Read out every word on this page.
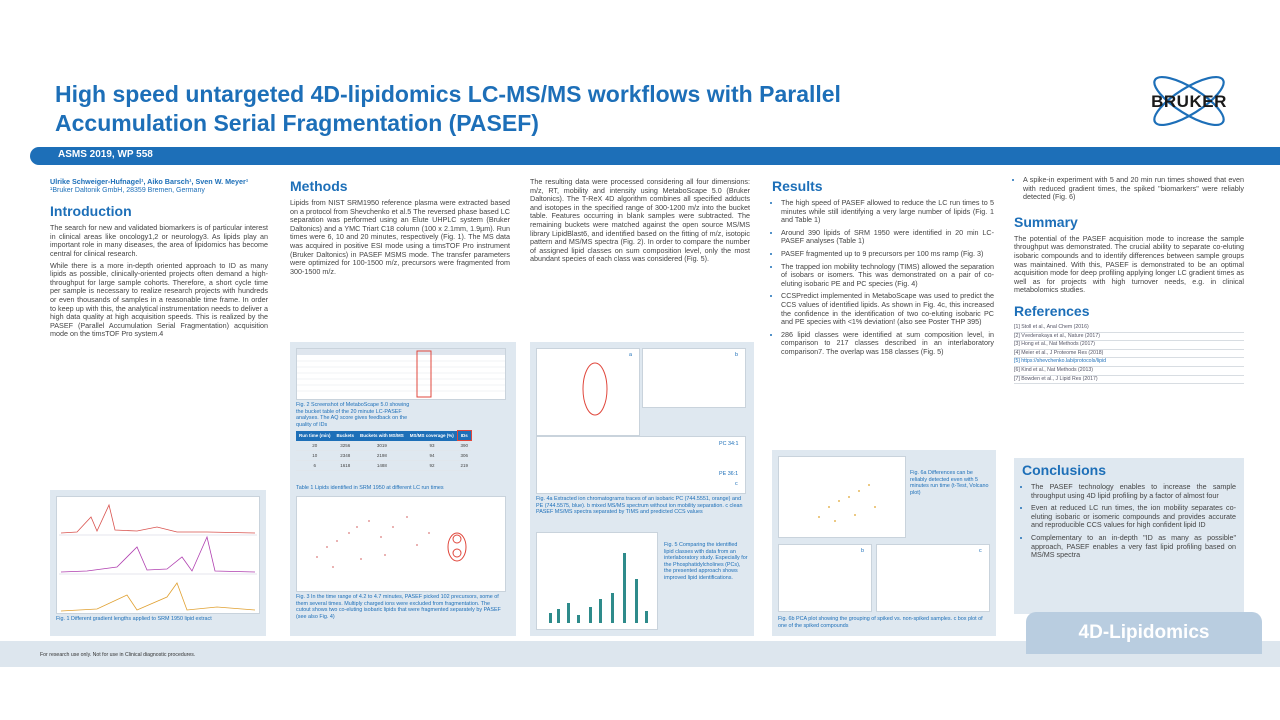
High speed untargeted 4D-lipidomics LC-MS/MS workflows with Parallel
Accumulation Serial Fragmentation (PASEF)
BRUKER
ASMS 2019, WP 558
Ulrike Schweiger-Hufnagel¹, Aiko Barsch¹, Sven W. Meyer¹
¹Bruker Daltonik GmbH, 28359 Bremen, Germany
Introduction

The search for new and validated biomarkers is of particular interest in clinical areas like oncology1,2 or neurology3. As lipids play an important role in many diseases, the area of lipidomics has become central for clinical research.

While there is a more in-depth oriented approach to ID as many lipids as possible, clinically-oriented projects often demand a high-throughput for large sample cohorts. Therefore, a short cycle time per sample is necessary to realize research projects with hundreds or even thousands of samples in a reasonable time frame. In order to keep up with this, the analytical instrumentation needs to deliver a high data quality at high acquisition speeds. This is realized by the PASEF (Parallel Accumulation Serial Fragmentation) acquisition mode on the timsTOF Pro system.4

Fig. 1 Different gradient lengths applied to SRM 1950 lipid extract
Methods

Lipids from NIST SRM1950 reference plasma were extracted based on a protocol from Shevchenko et al.5 The reversed phase based LC separation was performed using an Elute UHPLC system (Bruker Daltonics) and a YMC Triart C18 column (100 x 2.1mm, 1.9µm). Run times were 6, 10 and 20 minutes, respectively (Fig. 1). The MS data was acquired in positive ESI mode using a timsTOF Pro instrument (Bruker Daltonics) in PASEF MSMS mode. The transfer parameters were optimized for 100-1500 m/z, precursors were fragmented from 300-1500 m/z.

Fig. 2 Screenshot of MetaboScape 5.0 showing the bucket table of the 20 minute LC-PASEF analyses. The AQ score gives feedback on the quality of IDs
Run time (min)	Buckets	Buckets with MS/MS	MS/MS coverage (%)	IDs
20	3256	3019	93	390
10	2348	2198	94	306
6	1618	1488	92	219
Table 1 Lipids identified in SRM 1950 at different LC run times
Fig. 3 In the time range of 4.2 to 4.7 minutes, PASEF picked 102 precursors, some of them several times. Multiply charged ions were excluded from fragmentation. The cutout shows two co-eluting isobaric lipids that were fragmented separately by PASEF (see also Fig. 4)

The resulting data were processed considering all four dimensions: m/z, RT, mobility and intensity using MetaboScape 5.0 (Bruker Daltonics). The T-ReX 4D algorithm combines all specified adducts and isotopes in the specified range of 300-1200 m/z into the bucket table. Features occurring in blank samples were subtracted. The remaining buckets were matched against the open source MS/MS library LipidBlast6, and identified based on the fitting of m/z, isotopic pattern and MS/MS spectra (Fig. 2). In order to compare the number of assigned lipid classes on sum composition level, only the most abundant species of each class was considered (Fig. 5).

a	b
PC 34:1
PE 36:1
c
Fig. 4a Extracted ion chromatograms traces of an isobaric PC (744.5551, orange) and PE (744.5575, blue). b mixed MS/MS spectrum without ion mobility separation. c clean PASEF MS/MS spectra separated by TIMS and predicted CCS values
Fig. 5 Comparing the identified lipid classes with data from an interlaboratory study. Especially for the Phosphatidylcholines (PCs), the presented approach shows improved lipid identifications.
Results
• The high speed of PASEF allowed to reduce the LC run times to 5 minutes while still identifying a very large number of lipids (Fig. 1 and Table 1)
• Around 390 lipids of SRM 1950 were identified in 20 min LC-PASEF analyses (Table 1)
• PASEF fragmented up to 9 precursors per 100 ms ramp (Fig. 3)
• The trapped ion mobility technology (TIMS) allowed the separation of isobars or isomers. This was demonstrated on a pair of co-eluting isobaric PE and PC species (Fig. 4)
• CCSPredict implemented in MetaboScape was used to predict the CCS values of identified lipids. As shown in Fig. 4c, this increased the confidence in the identification of two co-eluting isobaric PC and PE species with <1% deviation! (also see Poster THP 395)
• 286 lipid classes were identified at sum composition level, in comparison to 217 classes described in an interlaboratory comparison7. The overlap was 158 classes (Fig. 5)
Fig. 6a Differences can be reliably detected even with 5 minutes run time (t-Test, Volcano plot)
b	c
Fig. 6b PCA plot showing the grouping of spiked vs. non-spiked samples. c box plot of one of the spiked compounds
• A spike-in experiment with 5 and 20 min run times showed that even with reduced gradient times, the spiked "biomarkers" were reliably detected (Fig. 6)
Summary

The potential of the PASEF acquisition mode to increase the sample throughput was demonstrated. The crucial ability to separate co-eluting isobaric compounds and to identify differences between sample groups was maintained. With this, PASEF is demonstrated to be an optimal acquisition mode for deep profiling applying longer LC gradient times as well as for projects with high turnover needs, e.g. in clinical metabolomics studies.

References
[1] Stoll et al., Anal Chem (2016)
[2] Vvedenskaya et al., Nature (2017)
[3] Hong et al., Nat Methods (2017)
[4] Meier et al., J Proteome Res (2018)
[5] https://shevchenko.lab/protocols/lipid
[6] Kind et al., Nat Methods (2013)
[7] Bowden et al., J Lipid Res (2017)
Conclusions
• The PASEF technology enables to increase the sample throughput using 4D lipid profiling by a factor of almost four
• Even at reduced LC run times, the ion mobility separates co-eluting isobaric or isomeric compounds and provides accurate and reproducible CCS values for high confident lipid ID
• Complementary to an in-depth "ID as many as possible" approach, PASEF enables a very fast lipid profiling based on MS/MS spectra
For research use only. Not for use in Clinical diagnostic procedures.
4D-Lipidomics
